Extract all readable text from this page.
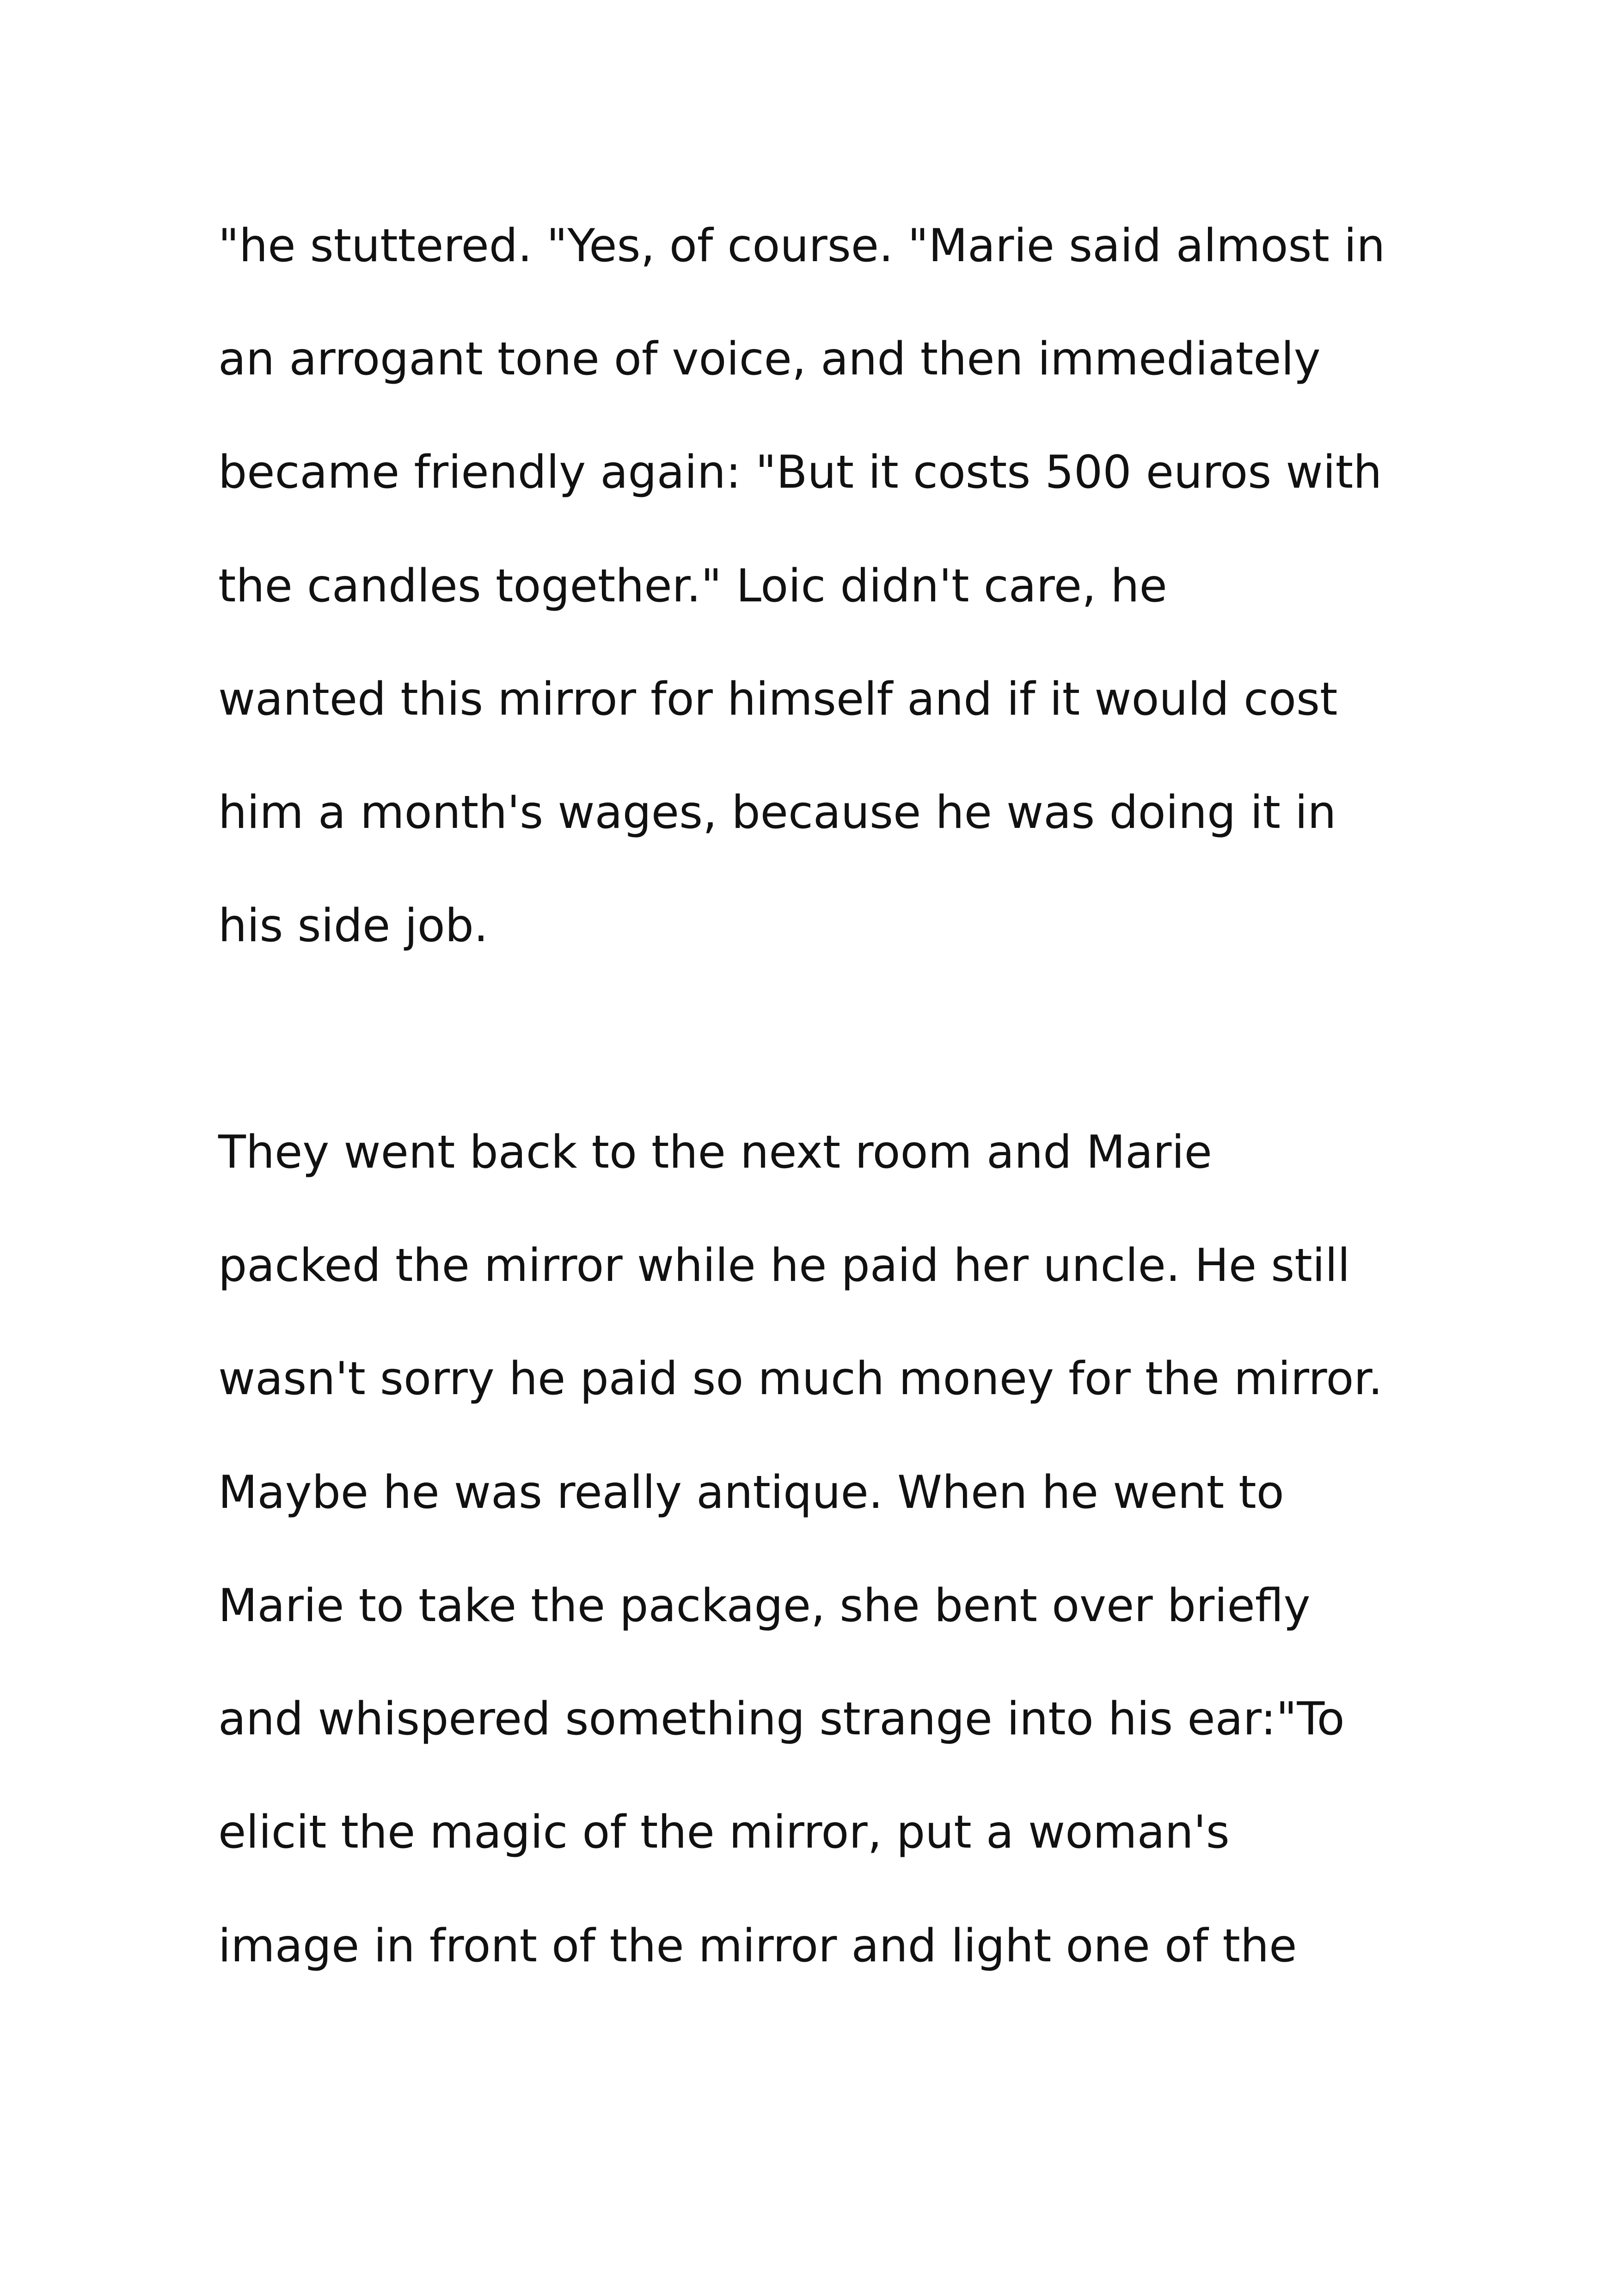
"he stuttered. "Yes, of course. "Marie said almost in
an arrogant tone of voice, and then immediately
became friendly again: "But it costs 500 euros with
the candles together." Loic didn't care, he
wanted this mirror for himself and if it would cost
him a month's wages, because he was doing it in
his side job.
They went back to the next room and Marie
packed the mirror while he paid her uncle. He still
wasn't sorry he paid so much money for the mirror.
Maybe he was really antique. When he went to
Marie to take the package, she bent over briefly
and whispered something strange into his ear:"To
elicit the magic of the mirror, put a woman's
image in front of the mirror and light one of the
